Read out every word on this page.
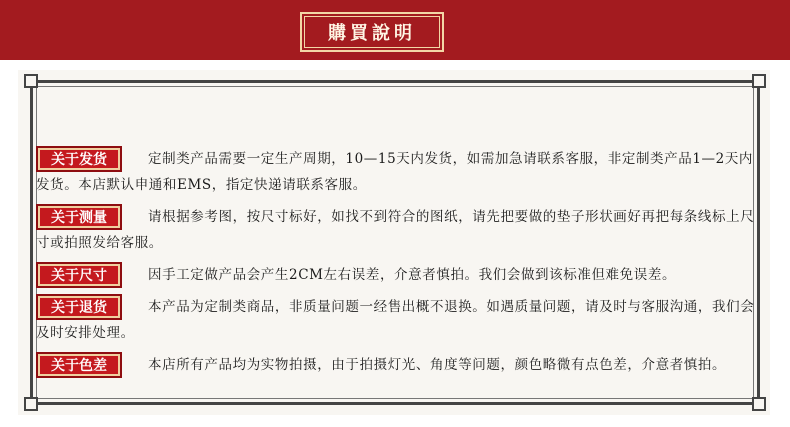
購買說明
关于发货	定制类产品需要一定生产周期，10—15天内发货，如需加急请联系客服，非定制类产品1—2天内发货。本店默认申通和EMS，指定快递请联系客服。

关于测量	请根据参考图，按尺寸标好，如找不到符合的图纸，请先把要做的垫子形状画好再把每条线标上尺寸或拍照发给客服。

关于尺寸	因手工定做产品会产生2CM左右误差，介意者慎拍。我们会做到该标准但难免误差。

关于退货	本产品为定制类商品，非质量问题一经售出概不退换。如遇质量问题，请及时与客服沟通，我们会及时安排处理。

关于色差	本店所有产品均为实物拍摄，由于拍摄灯光、角度等问题，颜色略微有点色差，介意者慎拍。
